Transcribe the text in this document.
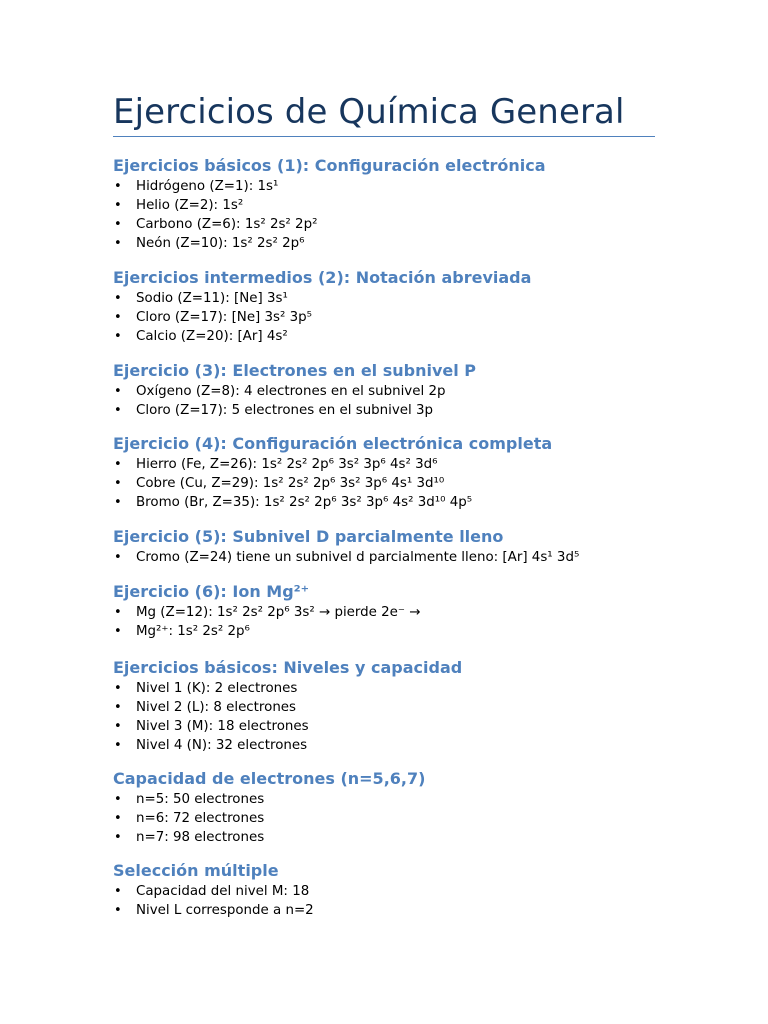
Ejercicios de Química General
Ejercicios básicos (1): Configuración electrónica
• Hidrógeno (Z=1): 1s¹
• Helio (Z=2): 1s²
• Carbono (Z=6): 1s² 2s² 2p²
• Neón (Z=10): 1s² 2s² 2p⁶
Ejercicios intermedios (2): Notación abreviada
• Sodio (Z=11): [Ne] 3s¹
• Cloro (Z=17): [Ne] 3s² 3p⁵
• Calcio (Z=20): [Ar] 4s²
Ejercicio (3): Electrones en el subnivel P
• Oxígeno (Z=8): 4 electrones en el subnivel 2p
• Cloro (Z=17): 5 electrones en el subnivel 3p
Ejercicio (4): Configuración electrónica completa
• Hierro (Fe, Z=26): 1s² 2s² 2p⁶ 3s² 3p⁶ 4s² 3d⁶
• Cobre (Cu, Z=29): 1s² 2s² 2p⁶ 3s² 3p⁶ 4s¹ 3d¹⁰
• Bromo (Br, Z=35): 1s² 2s² 2p⁶ 3s² 3p⁶ 4s² 3d¹⁰ 4p⁵
Ejercicio (5): Subnivel D parcialmente lleno
• Cromo (Z=24) tiene un subnivel d parcialmente lleno: [Ar] 4s¹ 3d⁵
Ejercicio (6): Ion Mg²⁺
• Mg (Z=12): 1s² 2s² 2p⁶ 3s² → pierde 2e⁻ →
• Mg²⁺: 1s² 2s² 2p⁶
Ejercicios básicos: Niveles y capacidad
• Nivel 1 (K): 2 electrones
• Nivel 2 (L): 8 electrones
• Nivel 3 (M): 18 electrones
• Nivel 4 (N): 32 electrones
Capacidad de electrones (n=5,6,7)
• n=5: 50 electrones
• n=6: 72 electrones
• n=7: 98 electrones
Selección múltiple
• Capacidad del nivel M: 18
• Nivel L corresponde a n=2
